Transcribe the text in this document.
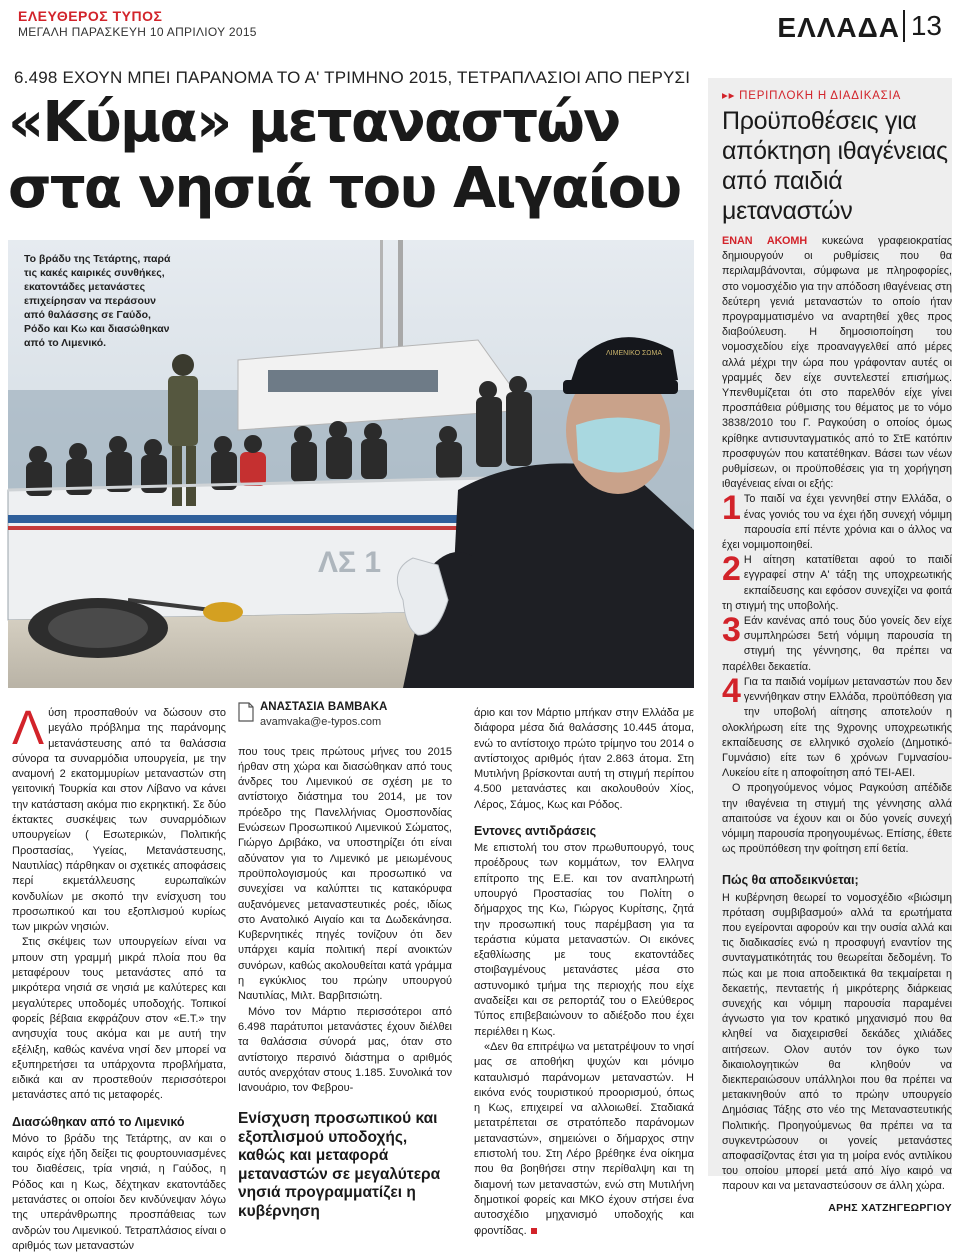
ΕΛΕΥΘΕΡΟΣ ΤΥΠΟΣ
ΜΕΓΑΛΗ ΠΑΡΑΣΚΕΥΗ 10 ΑΠΡΙΛΙΟΥ 2015	ΕΛΛΑΔΑ 13
6.498 ΕΧΟΥΝ ΜΠΕΙ ΠΑΡΑΝΟΜΑ ΤΟ Α' ΤΡΙΜΗΝΟ 2015, ΤΕΤΡΑΠΛΑΣΙΟΙ ΑΠΟ ΠΕΡΥΣΙ
«Κύμα» μεταναστών
στα νησιά του Αιγαίου
ΛΣ 1
ΛΙΜΕΝΙΚΟ ΣΩΜΑ
Το βράδυ της Τετάρτης, παρά τις κακές καιρικές συνθήκες, εκατοντάδες μετανάστες επιχείρησαν να περάσουν από θαλάσσης σε Γαύδο, Ρόδο και Κω και διασώθηκαν από το Λιμενικό.

Λύση προσπαθούν να δώσουν στο μεγάλο πρόβλημα της παράνομης μετανάστευσης από τα θαλάσσια σύνορα τα συναρμόδια υπουργεία, με την αναμονή 2 εκατομμυρίων μεταναστών στη γειτονική Τουρκία και στον Λίβανο να κάνει την κατάσταση ακόμα πιο εκρηκτική. Σε δύο έκτακτες συσκέψεις των συναρμόδιων υπουργείων ( Εσωτερικών, Πολιτικής Προστασίας, Υγείας, Μετανάστευσης, Ναυτιλίας) πάρθηκαν οι σχετικές αποφάσεις περί εκμετάλλευσης ευρωπαϊκών κονδυλίων με σκοπό την ενίσχυση του προσωπικού και του εξοπλισμού κυρίως των μικρών νησιών.

Στις σκέψεις των υπουργείων είναι να μπουν στη γραμμή μικρά πλοία που θα μεταφέρουν τους μετανάστες από τα μικρότερα νησιά σε νησιά με καλύτερες και μεγαλύτερες υποδομές υποδοχής. Τοπικοί φορείς βέβαια εκφράζουν στον «Ε.Τ.» την ανησυχία τους ακόμα και με αυτή την εξέλιξη, καθώς κανένα νησί δεν μπορεί να εξυπηρετήσει τα υπάρχοντα προβλήματα, ειδικά και αν προστεθούν περισσότεροι μετανάστες από τις μεταφορές.

Διασώθηκαν από το Λιμενικό

Μόνο το βράδυ της Τετάρτης, αν και ο καιρός είχε ήδη δείξει τις φουρτουνιασμένες του διαθέσεις, τρία νησιά, η Γαύδος, η Ρόδος και η Κως, δέχτηκαν εκατοντάδες μετανάστες οι οποίοι δεν κινδύνεψαν λόγω της υπεράνθρωπης προσπάθειας των ανδρών του Λιμενικού. Τετραπλάσιος είναι ο αριθμός των μεταναστών

ΑΝΑΣΤΑΣΙΑ ΒΑΜΒΑΚΑ
avamvaka@e-typos.com

που τους τρεις πρώτους μήνες του 2015 ήρθαν στη χώρα και διασώθηκαν από τους άνδρες του Λιμενικού σε σχέση με το αντίστοιχο διάστημα του 2014, με τον πρόεδρο της Πανελλήνιας Ομοσπονδίας Ενώσεων Προσωπικού Λιμενικού Σώματος, Γιώργο Δριβάκο, να υποστηρίζει ότι είναι αδύνατον για το Λιμενικό με μειωμένους προϋπολογισμούς και προσωπικό να συνεχίσει να καλύπτει τις κατακόρυφα αυξανόμενες μεταναστευτικές ροές, ιδίως στο Ανατολικό Αιγαίο και τα Δωδεκάνησα. Κυβερνητικές πηγές τονίζουν ότι δεν υπάρχει καμία πολιτική περί ανοικτών συνόρων, καθώς ακολουθείται κατά γράμμα η εγκύκλιος του πρώην υπουργού Ναυτιλίας, Μιλτ. Βαρβιτσιώτη.

Μόνο τον Μάρτιο περισσότεροι από 6.498 παράτυποι μετανάστες έχουν διέλθει τα θαλάσσια σύνορά μας, όταν στο αντίστοιχο περσινό διάστημα ο αριθμός αυτός ανερχόταν στους 1.185. Συνολικά τον Ιανουάριο, τον Φεβρου-

Ενίσχυση προσωπικού και εξοπλισμού υποδοχής, καθώς και μεταφορά μεταναστών σε μεγαλύτερα νησιά προγραμματίζει η κυβέρνηση

άριο και τον Μάρτιο μπήκαν στην Ελλάδα με διάφορα μέσα διά θαλάσσης 10.445 άτομα, ενώ το αντίστοιχο πρώτο τρίμηνο του 2014 ο αντίστοιχος αριθμός ήταν 2.863 άτομα. Στη Μυτιλήνη βρίσκονται αυτή τη στιγμή περίπου 4.500 μετανάστες και ακολουθούν Χίος, Λέρος, Σάμος, Κως και Ρόδος.

Εντονες αντιδράσεις

Με επιστολή του στον πρωθυπουργό, τους προέδρους των κομμάτων, τον Ελληνα επίτροπο της Ε.Ε. και τον αναπληρωτή υπουργό Προστασίας του Πολίτη ο δήμαρχος της Κω, Γιώργος Κυρίτσης, ζητά την προσωπική τους παρέμβαση για τα τεράστια κύματα μεταναστών. Οι εικόνες εξαθλίωσης με τους εκατοντάδες στοιβαγμένους μετανάστες μέσα στο αστυνομικό τμήμα της περιοχής που είχε αναδείξει και σε ρεπορτάζ του ο Ελεύθερος Τύπος επιβεβαιώνουν το αδιέξοδο που έχει περιέλθει η Κως.

«Δεν θα επιτρέψω να μετατρέψουν το νησί μας σε αποθήκη ψυχών και μόνιμο καταυλισμό παράνομων μεταναστών. Η εικόνα ενός τουριστικού προορισμού, όπως η Κως, επιχειρεί να αλλοιωθεί. Σταδιακά μετατρέπεται σε στρατόπεδο παράνομων μεταναστών», σημειώνει ο δήμαρχος στην επιστολή του. Στη Λέρο βρέθηκε ένα οίκημα που θα βοηθήσει στην περίθαλψη και τη διαμονή των μεταναστών, ενώ στη Μυτιλήνη δημοτικοί φορείς και ΜΚΟ έχουν στήσει ένα αυτοσχέδιο μηχανισμό υποδοχής και φροντίδας.

▸▸ ΠΕΡΙΠΛΟΚΗ Η ΔΙΑΔΙΚΑΣΙΑ
Προϋποθέσεις για απόκτηση ιθαγένειας από παιδιά μεταναστών

ΕΝΑΝ ΑΚΟΜΗ κυκεώνα γραφειοκρατίας δημιουργούν οι ρυθμίσεις που θα περιλαμβάνονται, σύμφωνα με πληροφορίες, στο νομοσχέδιο για την απόδοση ιθαγένειας στη δεύτερη γενιά μεταναστών το οποίο ήταν προγραμματισμένο να αναρτηθεί χθες προς διαβούλευση. Η δημοσιοποίηση του νομοσχεδίου είχε προαναγγελθεί από μέρες αλλά μέχρι την ώρα που γράφονταν αυτές οι γραμμές δεν είχε συντελεστεί επισήμως. Υπενθυμίζεται ότι στο παρελθόν είχε γίνει προσπάθεια ρύθμισης του θέματος με το νόμο 3838/2010 του Γ. Ραγκούση ο οποίος όμως κρίθηκε αντισυνταγματικός από το ΣτΕ κατόπιν προσφυγών που κατατέθηκαν. Βάσει των νέων ρυθμίσεων, οι προϋποθέσεις για τη χορήγηση ιθαγένειας είναι οι εξής:

1 Το παιδί να έχει γεννηθεί στην Ελλάδα, ο ένας γονιός του να έχει ήδη συνεχή νόμιμη παρουσία επί πέντε χρόνια και ο άλλος να έχει νομιμοποιηθεί.

2 Η αίτηση κατατίθεται αφού το παιδί εγγραφεί στην Α' τάξη της υποχρεωτικής εκπαίδευσης και εφόσον συνεχίζει να φοιτά τη στιγμή της υποβολής.

3 Εάν κανένας από τους δύο γονείς δεν είχε συμπληρώσει 5ετή νόμιμη παρουσία τη στιγμή της γέννησης, θα πρέπει να παρέλθει δεκαετία.

4 Για τα παιδιά νομίμων μεταναστών που δεν γεννήθηκαν στην Ελλάδα, προϋπόθεση για την υποβολή αίτησης αποτελούν η ολοκλήρωση είτε της 9χρονης υποχρεωτικής εκπαίδευσης σε ελληνικό σχολείο (Δημοτικό-Γυμνάσιο) είτε των 6 χρόνων Γυμνασίου-Λυκείου είτε η αποφοίτηση από ΤΕΙ-ΑΕΙ.

Ο προηγούμενος νόμος Ραγκούση απέδιδε την ιθαγένεια τη στιγμή της γέννησης αλλά απαιτούσε να έχουν και οι δύο γονείς συνεχή νόμιμη παρουσία προηγουμένως. Επίσης, έθετε ως προϋπόθεση την φοίτηση επί 6ετία.

Πώς θα αποδεικνύεται;

Η κυβέρνηση θεωρεί το νομοσχέδιο «βιώσιμη πρόταση συμβιβασμού» αλλά τα ερωτήματα που εγείρονται αφορούν και την ουσία αλλά και τις διαδικασίες ενώ η προσφυγή εναντίον της συνταγματικότητάς του θεωρείται δεδομένη. Το πώς και με ποια αποδεικτικά θα τεκμαίρεται η δεκαετής, πενταετής ή μικρότερης διάρκειας συνεχής και νόμιμη παρουσία παραμένει άγνωστο για τον κρατικό μηχανισμό που θα κληθεί να διαχειρισθεί δεκάδες χιλιάδες αιτήσεων. Ολον αυτόν τον όγκο των δικαιολογητικών θα κληθούν να διεκπεραιώσουν υπάλληλοι που θα πρέπει να μετακινηθούν από το πρώην υπουργείο Δημόσιας Τάξης στο νέο της Μεταναστευτικής Πολιτικής. Προηγούμενως θα πρέπει να τα συγκεντρώσουν οι γονείς μετανάστες αποφασίζοντας έτσι για τη μοίρα ενός αντιλίκου του οποίου μπορεί μετά από λίγο καιρό να παρουν και να μεταναστεύσουν σε άλλη χώρα.

ΑΡΗΣ ΧΑΤΖΗΓΕΩΡΓΙΟΥ
